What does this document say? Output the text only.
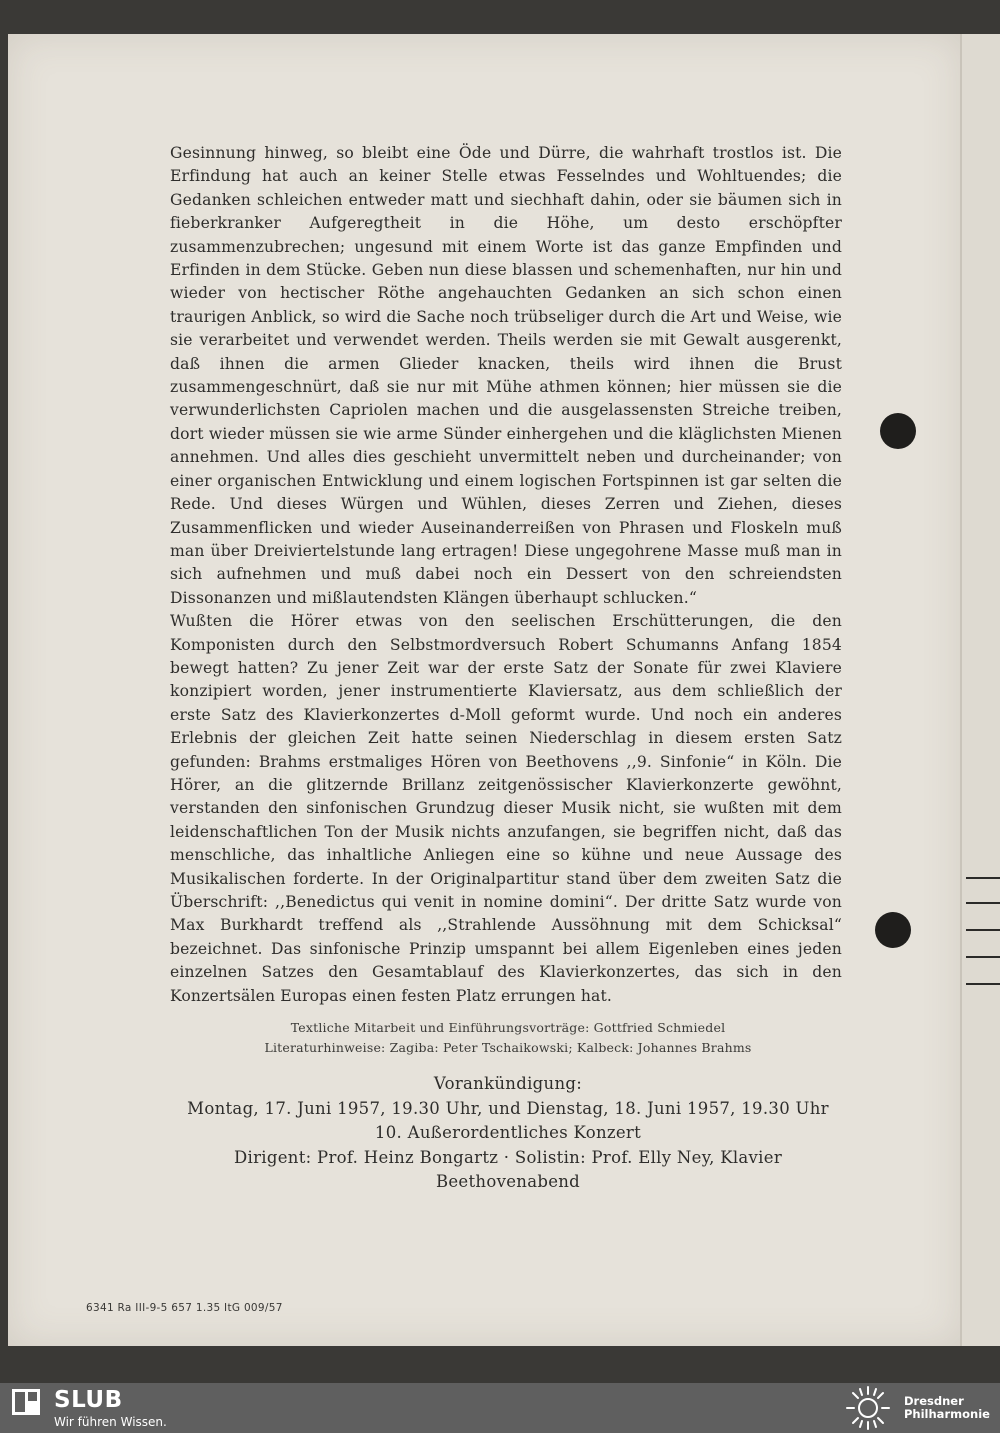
Gesinnung hinweg, so bleibt eine Öde und Dürre, die wahrhaft trostlos ist. Die Erfindung hat auch an keiner Stelle etwas Fesselndes und Wohltuendes; die Gedanken schleichen entweder matt und siechhaft dahin, oder sie bäumen sich in fieberkranker Aufgeregtheit in die Höhe, um desto erschöpfter zusammenzubrechen; ungesund mit einem Worte ist das ganze Empfinden und Erfinden in dem Stücke. Geben nun diese blassen und schemenhaften, nur hin und wieder von hectischer Röthe angehauchten Gedanken an sich schon einen traurigen Anblick, so wird die Sache noch trübseliger durch die Art und Weise, wie sie verarbeitet und verwendet werden. Theils werden sie mit Gewalt ausgerenkt, daß ihnen die armen Glieder knacken, theils wird ihnen die Brust zusammengeschnürt, daß sie nur mit Mühe athmen können; hier müssen sie die verwunderlichsten Capriolen machen und die ausgelassensten Streiche treiben, dort wieder müssen sie wie arme Sünder einhergehen und die kläglichsten Mienen annehmen. Und alles dies geschieht unvermittelt neben und durcheinander; von einer organischen Entwicklung und einem logischen Fortspinnen ist gar selten die Rede. Und dieses Würgen und Wühlen, dieses Zerren und Ziehen, dieses Zusammenflicken und wieder Auseinanderreißen von Phrasen und Floskeln muß man über Dreiviertelstunde lang ertragen! Diese ungegohrene Masse muß man in sich aufnehmen und muß dabei noch ein Dessert von den schreiendsten Dissonanzen und mißlautendsten Klängen überhaupt schlucken.“

Wußten die Hörer etwas von den seelischen Erschütterungen, die den Komponisten durch den Selbstmordversuch Robert Schumanns Anfang 1854 bewegt hatten? Zu jener Zeit war der erste Satz der Sonate für zwei Klaviere konzipiert worden, jener instrumentierte Klaviersatz, aus dem schließlich der erste Satz des Klavierkonzertes d-Moll geformt wurde. Und noch ein anderes Erlebnis der gleichen Zeit hatte seinen Niederschlag in diesem ersten Satz gefunden: Brahms erstmaliges Hören von Beethovens ,,9. Sinfonie“ in Köln. Die Hörer, an die glitzernde Brillanz zeitgenössischer Klavierkonzerte gewöhnt, verstanden den sinfonischen Grundzug dieser Musik nicht, sie wußten mit dem leidenschaftlichen Ton der Musik nichts anzufangen, sie begriffen nicht, daß das menschliche, das inhaltliche Anliegen eine so kühne und neue Aussage des Musikalischen forderte. In der Originalpartitur stand über dem zweiten Satz die Überschrift: ,,Benedictus qui venit in nomine domini“. Der dritte Satz wurde von Max Burkhardt treffend als ,,Strahlende Aussöhnung mit dem Schicksal“ bezeichnet. Das sinfonische Prinzip umspannt bei allem Eigenleben eines jeden einzelnen Satzes den Gesamtablauf des Klavierkonzertes, das sich in den Konzertsälen Europas einen festen Platz errungen hat.

Textliche Mitarbeit und Einführungsvorträge: Gottfried Schmiedel
Literaturhinweise: Zagiba: Peter Tschaikowski; Kalbeck: Johannes Brahms
Vorankündigung:
Montag, 17. Juni 1957, 19.30 Uhr, und Dienstag, 18. Juni 1957, 19.30 Uhr
10. Außerordentliches Konzert
Dirigent: Prof. Heinz Bongartz · Solistin: Prof. Elly Ney, Klavier
Beethovenabend
6341 Ra III-9-5 657 1.35 ItG 009/57
SLUB
Wir führen Wissen.
Dresdner
Philharmonie
